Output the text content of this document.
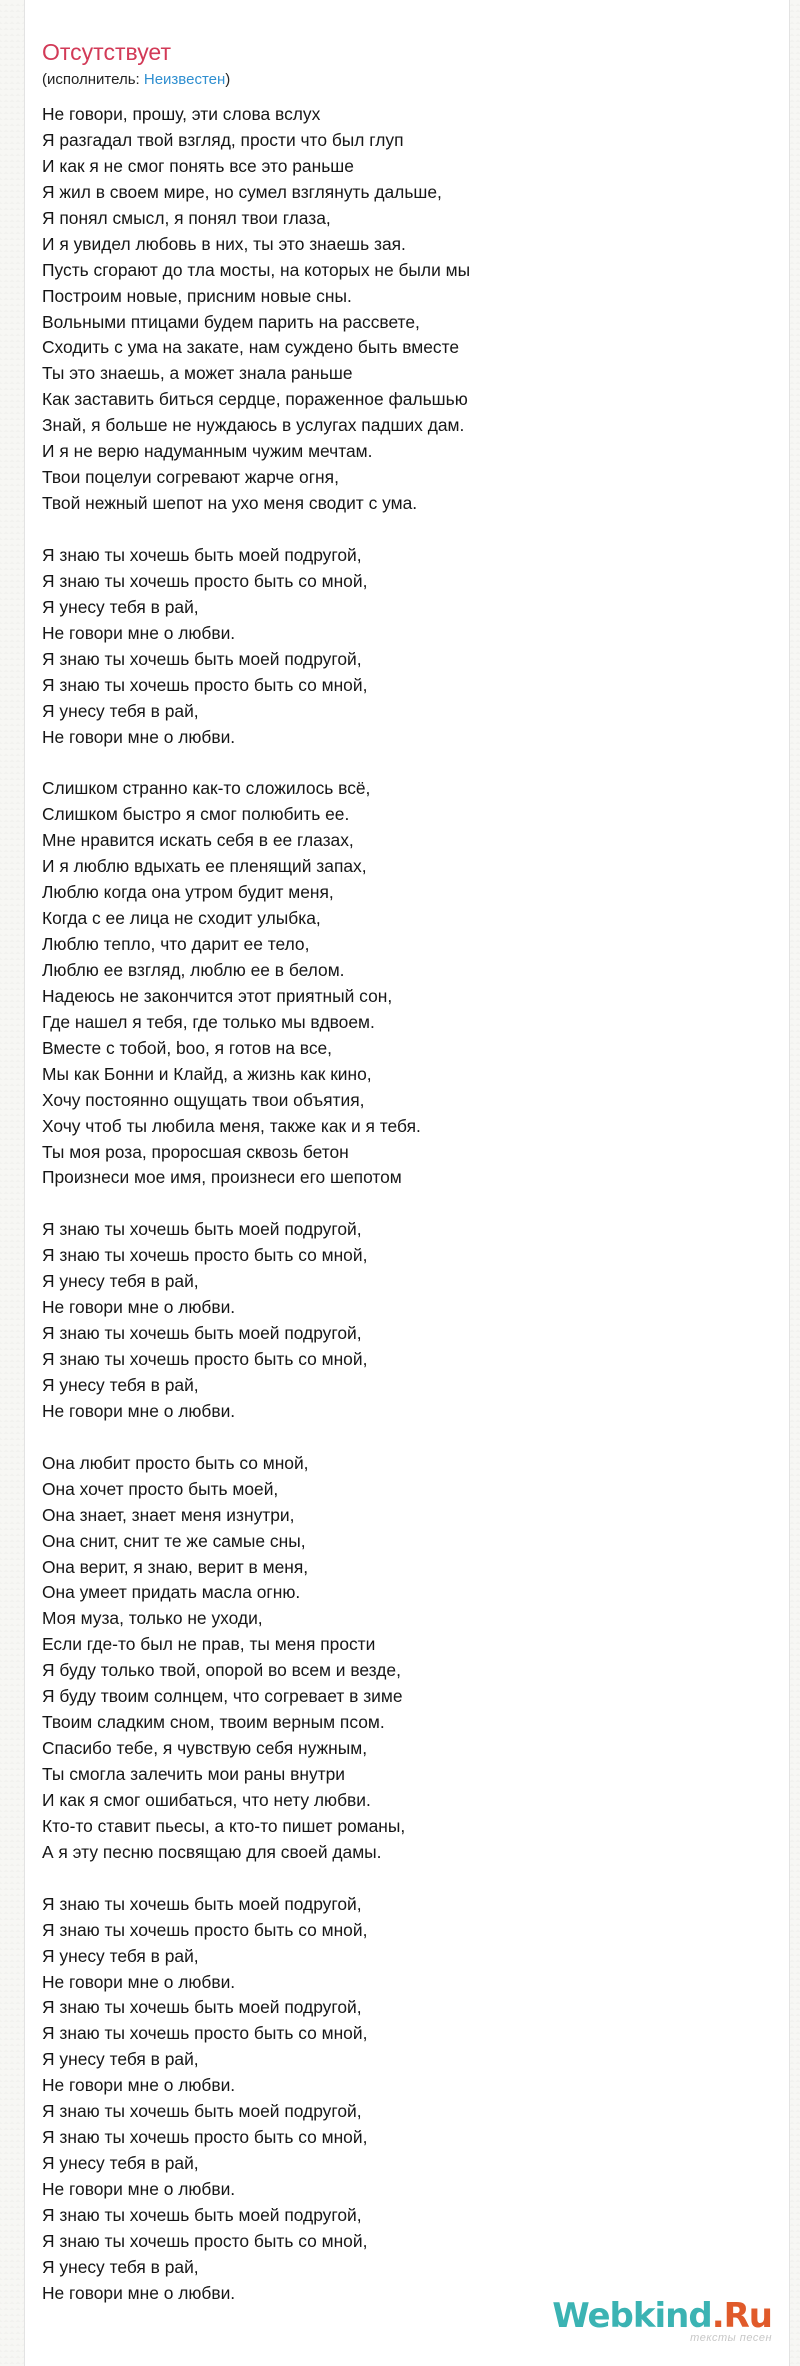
Отсутствует
(исполнитель: Неизвестен)
Не говори, прошу, эти слова вслух
Я разгадал твой взгляд, прости что был глуп
И как я не смог понять все это раньше
Я жил в своем мире, но сумел взглянуть дальше,
Я понял смысл, я понял твои глаза,
И я увидел любовь в них, ты это знаешь зая.
Пусть сгорают до тла мосты, на которых не были мы
Построим новые, присним новые сны.
Вольными птицами будем парить на рассвете,
Сходить с ума на закате, нам суждено быть вместе
Ты это знаешь, а может знала раньше
Как заставить биться сердце, пораженное фальшью
Знай, я больше не нуждаюсь в услугах падших дам.
И я не верю надуманным чужим мечтам.
Твои поцелуи согревают жарче огня,
Твой нежный шепот на ухо меня сводит с ума.
Я знаю ты хочешь быть моей подругой,
Я знаю ты хочешь просто быть со мной,
Я унесу тебя в рай,
Не говори мне о любви.
Я знаю ты хочешь быть моей подругой,
Я знаю ты хочешь просто быть со мной,
Я унесу тебя в рай,
Не говори мне о любви.
Слишком странно как-то сложилось всё,
Слишком быстро я смог полюбить ее.
Мне нравится искать себя в ее глазах,
И я люблю вдыхать ее пленящий запах,
Люблю когда она утром будит меня,
Когда с ее лица не сходит улыбка,
Люблю тепло, что дарит ее тело,
Люблю ее взгляд, люблю ее в белом.
Надеюсь не закончится этот приятный сон,
Где нашел я тебя, где только мы вдвоем.
Вместе с тобой, boo, я готов на все,
Мы как Бонни и Клайд, а жизнь как кино,
Хочу постоянно ощущать твои объятия,
Хочу чтоб ты любила меня, также как и я тебя.
Ты моя роза, проросшая сквозь бетон
Произнеси мое имя, произнеси его шепотом
Я знаю ты хочешь быть моей подругой,
Я знаю ты хочешь просто быть со мной,
Я унесу тебя в рай,
Не говори мне о любви.
Я знаю ты хочешь быть моей подругой,
Я знаю ты хочешь просто быть со мной,
Я унесу тебя в рай,
Не говори мне о любви.
Она любит просто быть со мной,
Она хочет просто быть моей,
Она знает, знает меня изнутри,
Она снит, снит те же самые сны,
Она верит, я знаю, верит в меня,
Она умеет придать масла огню.
Моя муза, только не уходи,
Если где-то был не прав, ты меня прости
Я буду только твой, опорой во всем и везде,
Я буду твоим солнцем, что согревает в зиме
Твоим сладким сном, твоим верным псом.
Спасибо тебе, я чувствую себя нужным,
Ты смогла залечить мои раны внутри
И как я смог ошибаться, что нету любви.
Кто-то ставит пьесы, а кто-то пишет романы,
А я эту песню посвящаю для своей дамы.
Я знаю ты хочешь быть моей подругой,
Я знаю ты хочешь просто быть со мной,
Я унесу тебя в рай,
Не говори мне о любви.
Я знаю ты хочешь быть моей подругой,
Я знаю ты хочешь просто быть со мной,
Я унесу тебя в рай,
Не говори мне о любви.
Я знаю ты хочешь быть моей подругой,
Я знаю ты хочешь просто быть со мной,
Я унесу тебя в рай,
Не говори мне о любви.
Я знаю ты хочешь быть моей подругой,
Я знаю ты хочешь просто быть со мной,
Я унесу тебя в рай,
Не говори мне о любви.
Webkind.Ru
тексты песен
